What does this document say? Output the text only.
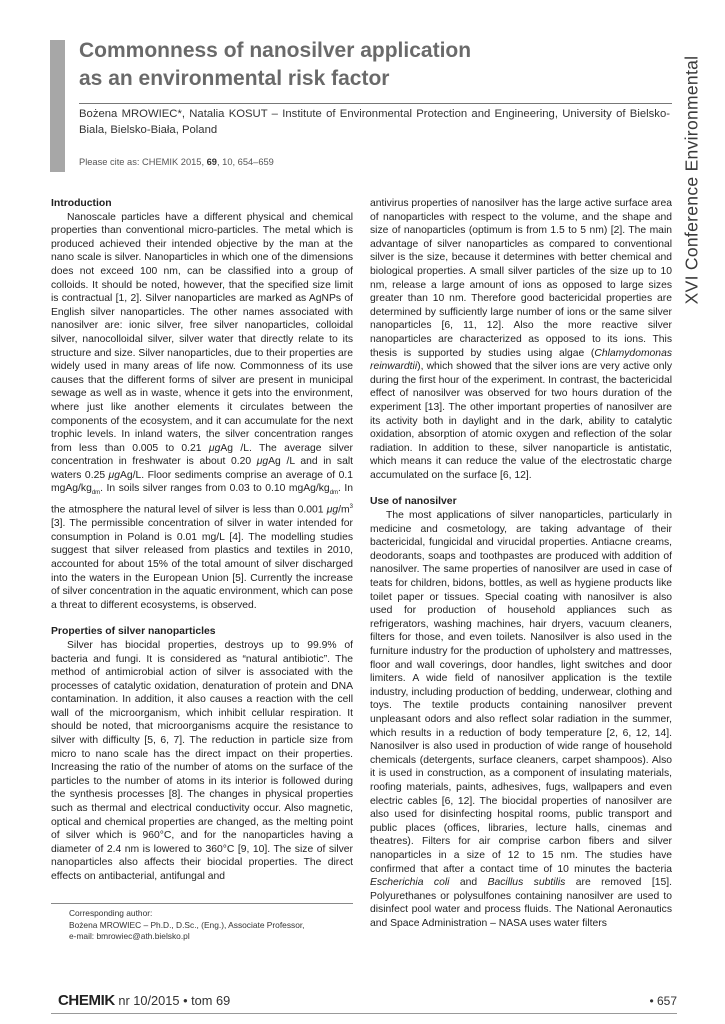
Commonness of nanosilver application
as an environmental risk factor

Bożena MROWIEC*, Natalia KOSUT – Institute of Environmental Protection and Engineering, University of Bielsko-Biala, Bielsko-Biała, Poland

Please cite as: CHEMIK 2015, 69, 10, 654–659	XVI Conference Environmental
Introduction

Nanoscale particles have a different physical and chemical properties than conventional micro-particles. The metal which is produced achieved their intended objective by the man at the nano scale is silver. Nanoparticles in which one of the dimensions does not exceed 100 nm, can be classified into a group of colloids. It should be noted, however, that the specified size limit is contractual [1, 2]. Silver nanoparticles are marked as AgNPs of English silver nanoparticles. The other names associated with nanosilver are: ionic silver, free silver nanoparticles, colloidal silver, nanocolloidal silver, silver water that directly relate to its structure and size. Silver nanoparticles, due to their properties are widely used in many areas of life now. Commonness of its use causes that the different forms of silver are present in municipal sewage as well as in waste, whence it gets into the environment, where just like another elements it circulates between the components of the ecosystem, and it can accumulate for the next trophic levels. In inland waters, the silver concentration ranges from less than 0.005 to 0.21 μgAg /L. The average silver concentration in freshwater is about 0.20 μgAg /L and in salt waters 0.25 μgAg/L. Floor sediments comprise an average of 0.1 mgAg/$kg_{dm}$. In soils silver ranges from 0.03 to 0.10 mgAg/$kg_{dm}$. In the atmosphere the natural level of silver is less than 0.001 $\mu g/m^3$ [3]. The permissible concentration of silver in water intended for consumption in Poland is 0.01 mg/L [4]. The modelling studies suggest that silver released from plastics and textiles in 2010, accounted for about 15% of the total amount of silver discharged into the waters in the European Union [5]. Currently the increase of silver concentration in the aquatic environment, which can pose a threat to different ecosystems, is observed.

Properties of silver nanoparticles

Silver has biocidal properties, destroys up to 99.9% of bacteria and fungi. It is considered as “natural antibiotic”. The method of antimicrobial action of silver is associated with the processes of catalytic oxidation, denaturation of protein and DNA contamination. In addition, it also causes a reaction with the cell wall of the microorganism, which inhibit cellular respiration. It should be noted, that microorganisms acquire the resistance to silver with difficulty [5, 6, 7]. The reduction in particle size from micro to nano scale has the direct impact on their properties. Increasing the ratio of the number of atoms on the surface of the particles to the number of atoms in its interior is followed during the synthesis processes [8]. The changes in physical properties such as thermal and electrical conductivity occur. Also magnetic, optical and chemical properties are changed, as the melting point of silver which is 960°C, and for the nanoparticles having a diameter of 2.4 nm is lowered to 360°C [9, 10]. The size of silver nanoparticles also affects their biocidal properties. The direct effects on antibacterial, antifungal and

antivirus properties of nanosilver has the large active surface area of nanoparticles with respect to the volume, and the shape and size of nanoparticles (optimum is from 1.5 to 5 nm) [2]. The main advantage of silver nanoparticles as compared to conventional silver is the size, because it determines with better chemical and biological properties. A small silver particles of the size up to 10 nm, release a large amount of ions as opposed to large sizes greater than 10 nm. Therefore good bactericidal properties are determined by sufficiently large number of ions or the same silver nanoparticles [6, 11, 12]. Also the more reactive silver nanoparticles are characterized as opposed to its ions. This thesis is supported by studies using algae (Chlamydomonas reinwardtii), which showed that the silver ions are very active only during the first hour of the experiment. In contrast, the bactericidal effect of nanosilver was observed for two hours duration of the experiment [13]. The other important properties of nanosilver are its activity both in daylight and in the dark, ability to catalytic oxidation, absorption of atomic oxygen and reflection of the solar radiation. In addition to these, silver nanoparticle is antistatic, which means it can reduce the value of the electrostatic charge accumulated on the surface [6, 12].

Use of nanosilver

The most applications of silver nanoparticles, particularly in medicine and cosmetology, are taking advantage of their bactericidal, fungicidal and virucidal properties. Antiacne creams, deodorants, soaps and toothpastes are produced with addition of nanosilver. The same properties of nanosilver are used in case of teats for children, bidons, bottles, as well as hygiene products like toilet paper or tissues. Special coating with nanosilver is also used for production of household appliances such as refrigerators, washing machines, hair dryers, vacuum cleaners, filters for those, and even toilets. Nanosilver is also used in the furniture industry for the production of upholstery and mattresses, floor and wall coverings, door handles, light switches and door limiters. A wide field of nanosilver application is the textile industry, including production of bedding, underwear, clothing and toys. The textile products containing nanosilver prevent unpleasant odors and also reflect solar radiation in the summer, which results in a reduction of body temperature [2, 6, 12, 14]. Nanosilver is also used in production of wide range of household chemicals (detergents, surface cleaners, carpet shampoos). Also it is used in construction, as a component of insulating materials, roofing materials, paints, adhesives, fugs, wallpapers and even electric cables [6, 12]. The biocidal properties of nanosilver are also used for disinfecting hospital rooms, public transport and public places (offices, libraries, lecture halls, cinemas and theatres). Filters for air comprise carbon fibers and silver nanoparticles in a size of 12 to 15 nm. The studies have confirmed that after a contact time of 10 minutes the bacteria Escherichia coli and Bacillus subtilis are removed [15]. Polyurethanes or polysulfones containing nanosilver are used to disinfect pool water and process fluids. The National Aeronautics and Space Administration – NASA uses water filters

Corresponding author:
Bożena MROWIEC – Ph.D., D.Sc., (Eng.), Associate Professor,
e-mail: bmrowiec@ath.bielsko.pl
CHEMIK nr 10/2015 • tom 69	• 657
